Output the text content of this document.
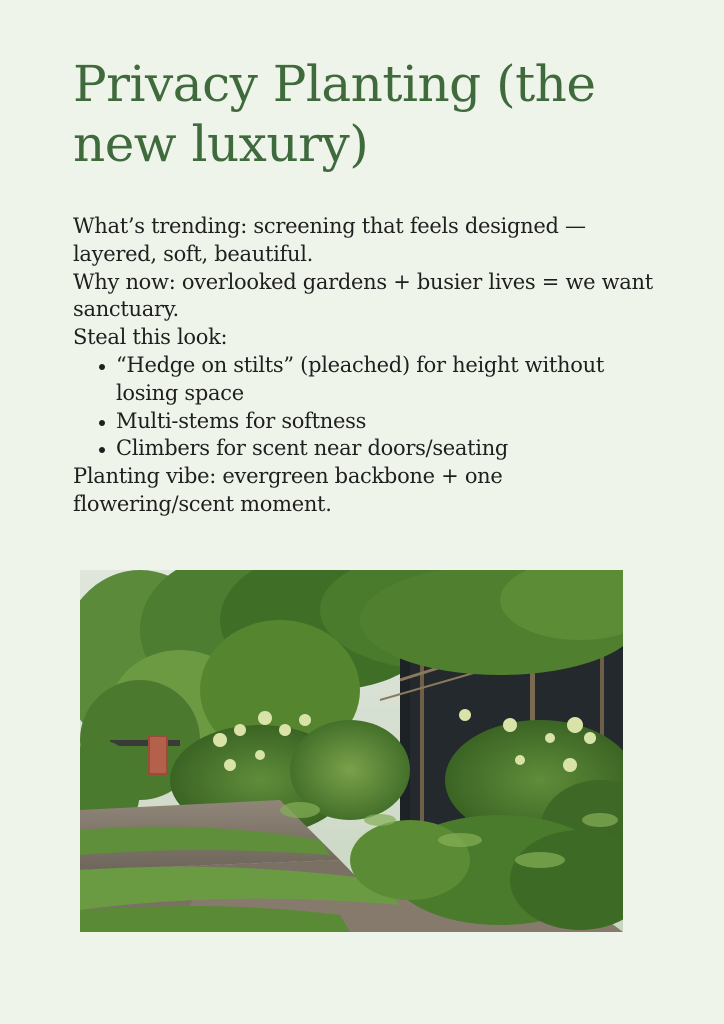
Privacy Planting (the new luxury)

What’s trending: screening that feels designed — layered, soft, beautiful.

Why now: overlooked gardens + busier lives = we want sanctuary.

Steal this look:

“Hedge on stilts” (pleached) for height without losing space
Multi-stems for softness
Climbers for scent near doors/seating

Planting vibe: evergreen backbone + one flowering/scent moment.
